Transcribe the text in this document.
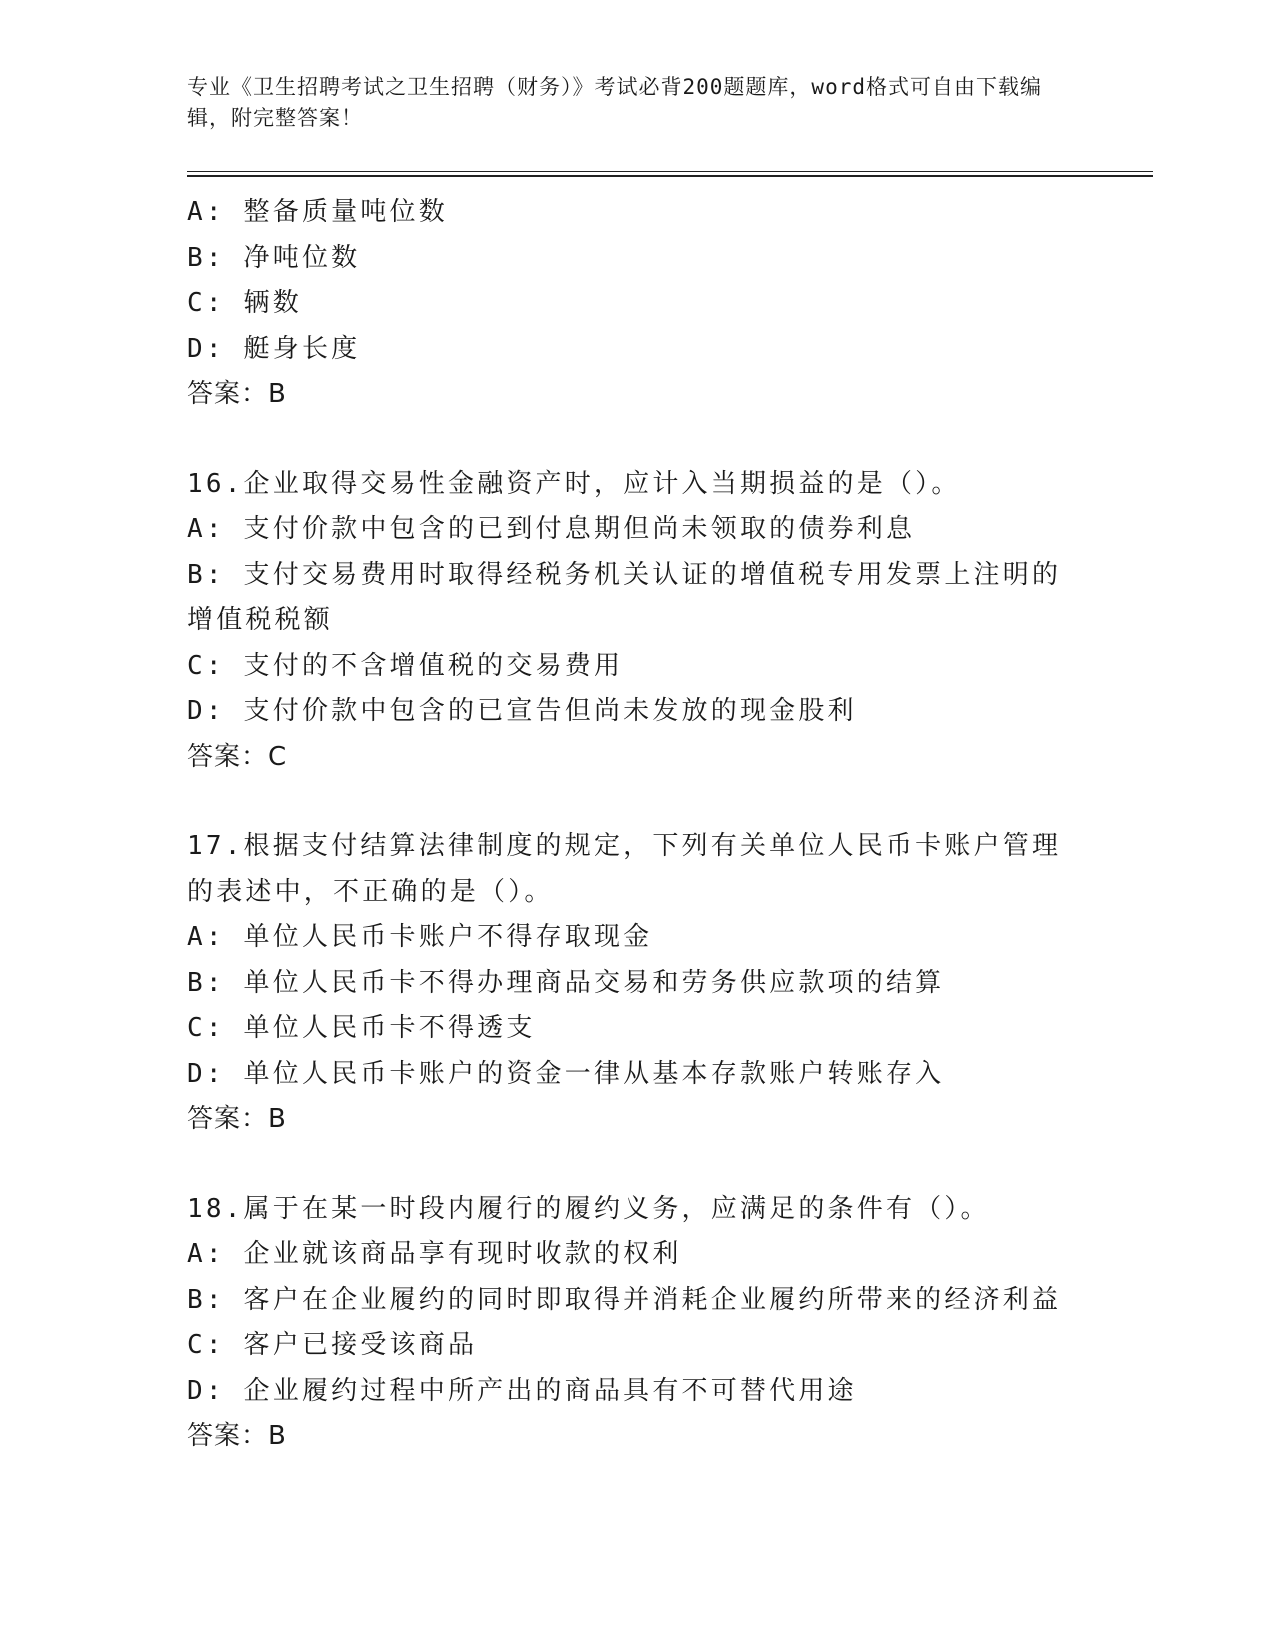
专业《卫生招聘考试之卫生招聘（财务）》考试必背200题题库，word格式可自由下载编辑，附完整答案！
A: 整备质量吨位数
B: 净吨位数
C: 辆数
D: 艇身长度
答案：B
16.企业取得交易性金融资产时，应计入当期损益的是（）。
A: 支付价款中包含的已到付息期但尚未领取的债券利息
B: 支付交易费用时取得经税务机关认证的增值税专用发票上注明的增值税税额
C: 支付的不含增值税的交易费用
D: 支付价款中包含的已宣告但尚未发放的现金股利
答案：C
17.根据支付结算法律制度的规定，下列有关单位人民币卡账户管理的表述中，不正确的是（）。
A: 单位人民币卡账户不得存取现金
B: 单位人民币卡不得办理商品交易和劳务供应款项的结算
C: 单位人民币卡不得透支
D: 单位人民币卡账户的资金一律从基本存款账户转账存入
答案：B
18.属于在某一时段内履行的履约义务，应满足的条件有（）。
A: 企业就该商品享有现时收款的权利
B: 客户在企业履约的同时即取得并消耗企业履约所带来的经济利益
C: 客户已接受该商品
D: 企业履约过程中所产出的商品具有不可替代用途
答案：B
